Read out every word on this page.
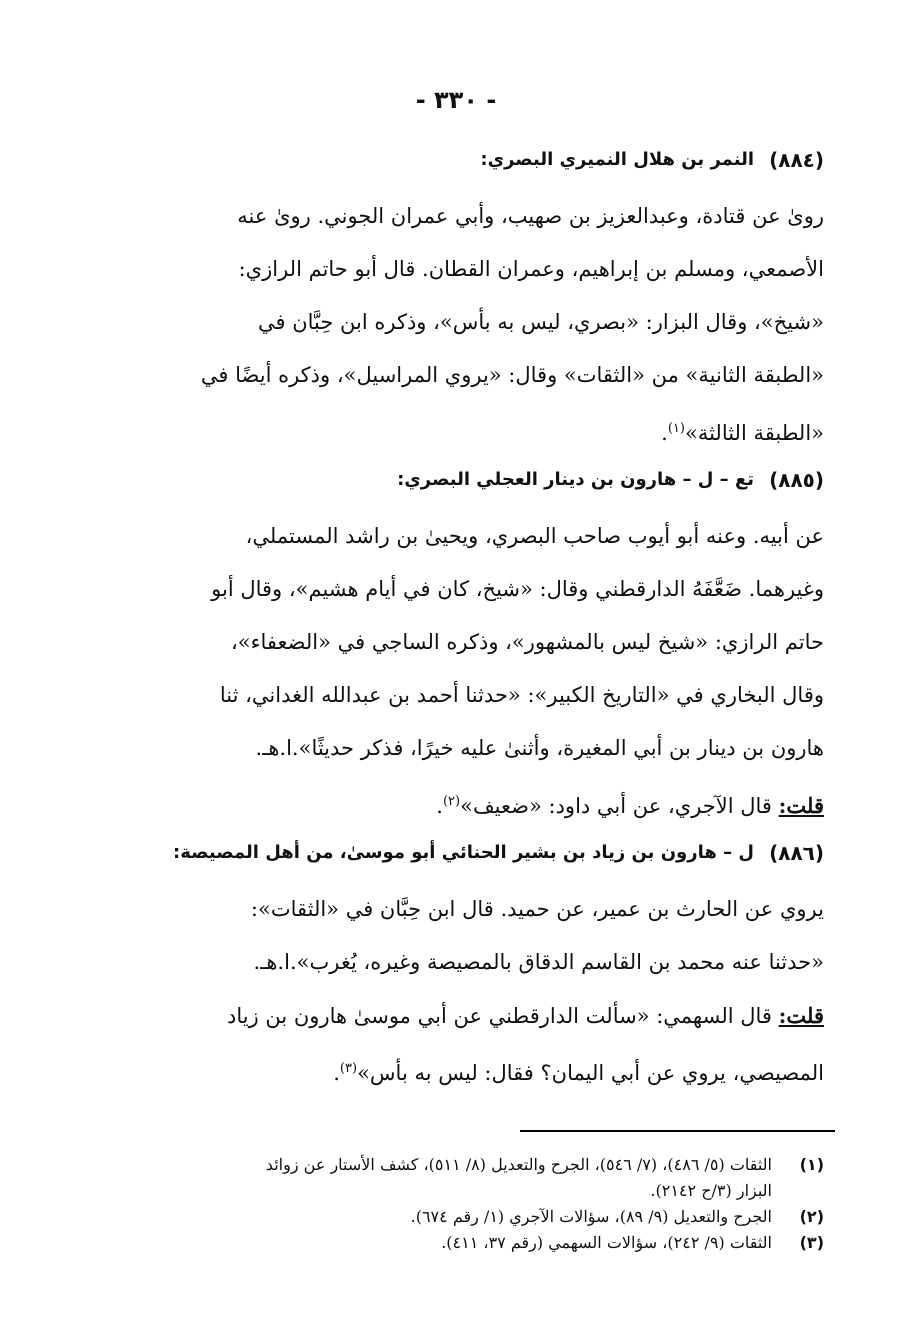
- ٣٣٠ -
(٨٨٤)
النمر بن هلال النميري البصري:
روىٰ عن قتادة، وعبدالعزيز بن صهيب، وأبي عمران الجوني. روىٰ عنه
الأصمعي، ومسلم بن إبراهيم، وعمران القطان. قال أبو حاتم الرازي:
«شيخ»، وقال البزار: «بصري، ليس به بأس»، وذكره ابن حِبَّان في
«الطبقة الثانية» من «الثقات» وقال: «يروي المراسيل»، وذكره أيضًا في
«الطبقة الثالثة»$^{(١)}$.
(٨٨٥)
تع – ل – هارون بن دينار العجلي البصري:
عن أبيه. وعنه أبو أيوب صاحب البصري، ويحيىٰ بن راشد المستملي،
وغيرهما. ضَعَّفَهُ الدارقطني وقال: «شيخ، كان في أيام هشيم»، وقال أبو
حاتم الرازي: «شيخ ليس بالمشهور»، وذكره الساجي في «الضعفاء»،
وقال البخاري في «التاريخ الكبير»: «حدثنا أحمد بن عبدالله الغداني، ثنا
هارون بن دينار بن أبي المغيرة، وأثنىٰ عليه خيرًا، فذكر حديثًا».ا.هـ.
قلت: قال الآجري، عن أبي داود: «ضعيف»$^{(٢)}$.
(٨٨٦)
ل – هارون بن زياد بن بشير الحنائي أبو موسىٰ، من أهل المصيصة:
يروي عن الحارث بن عمير، عن حميد. قال ابن حِبَّان في «الثقات»:
«حدثنا عنه محمد بن القاسم الدقاق بالمصيصة وغيره، يُغرب».ا.هـ.
قلت: قال السهمي: «سألت الدارقطني عن أبي موسىٰ هارون بن زياد
المصيصي، يروي عن أبي اليمان؟ فقال: ليس به بأس»$^{(٣)}$.
(١)
الثقات (٥/ ٤٨٦)، (٧/ ٥٤٦)، الجرح والتعديل (٨/ ٥١١)، كشف الأستار عن زوائد
البزار (٣/ح ٢١٤٢).
(٢)
الجرح والتعديل (٩/ ٨٩)، سؤالات الآجري (١/ رقم ٦٧٤).
(٣)
الثقات (٩/ ٢٤٢)، سؤالات السهمي (رقم ٣٧، ٤١١).
